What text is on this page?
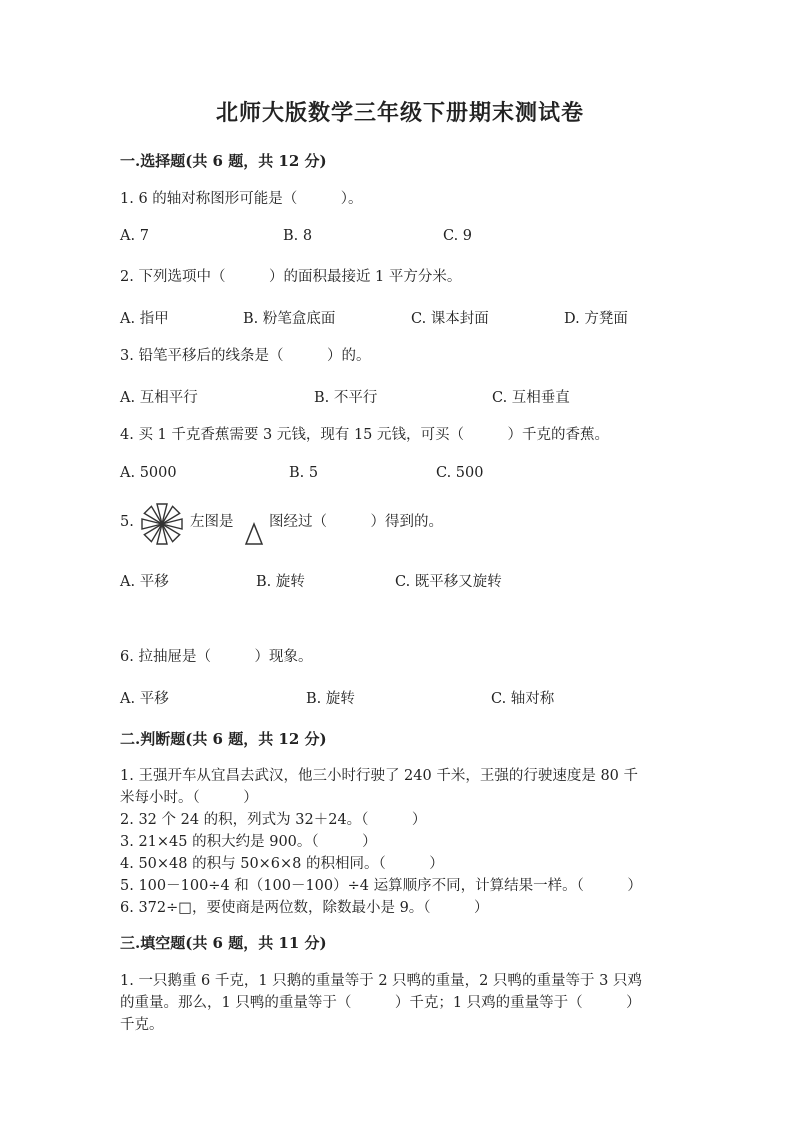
北师大版数学三年级下册期末测试卷
一.选择题(共 6 题，共 12 分)
1. 6 的轴对称图形可能是（　　　）。
A. 7	B. 8	C. 9
2. 下列选项中（　　　）的面积最接近 1 平方分米。
A. 指甲	B. 粉笔盒底面	C. 课本封面	D. 方凳面
3. 铅笔平移后的线条是（　　　）的。
A. 互相平行	B. 不平行	C. 互相垂直
4. 买 1 千克香蕉需要 3 元钱，现有 15 元钱，可买（　　　）千克的香蕉。
A. 5000	B. 5	C. 500
5.	左图是 图经过（　　　）得到的。
A. 平移	B. 旋转	C. 既平移又旋转
6. 拉抽屉是（　　　）现象。
A. 平移	B. 旋转	C. 轴对称
二.判断题(共 6 题，共 12 分)
1. 王强开车从宜昌去武汉，他三小时行驶了 240 千米，王强的行驶速度是 80 千
米每小时。（　　　）
2. 32 个 24 的积，列式为 32＋24。（　　　）
3. 21×45 的积大约是 900。（　　　）
4. 50×48 的积与 50×6×8 的积相同。（　　　）
5. 100－100÷4 和（100－100）÷4 运算顺序不同，计算结果一样。（　　　）
6. 372÷□，要使商是两位数，除数最小是 9。（　　　）
三.填空题(共 6 题，共 11 分)
1. 一只鹅重 6 千克，1 只鹅的重量等于 2 只鸭的重量，2 只鸭的重量等于 3 只鸡
的重量。那么，1 只鸭的重量等于（　　　）千克；1 只鸡的重量等于（　　　）
千克。
